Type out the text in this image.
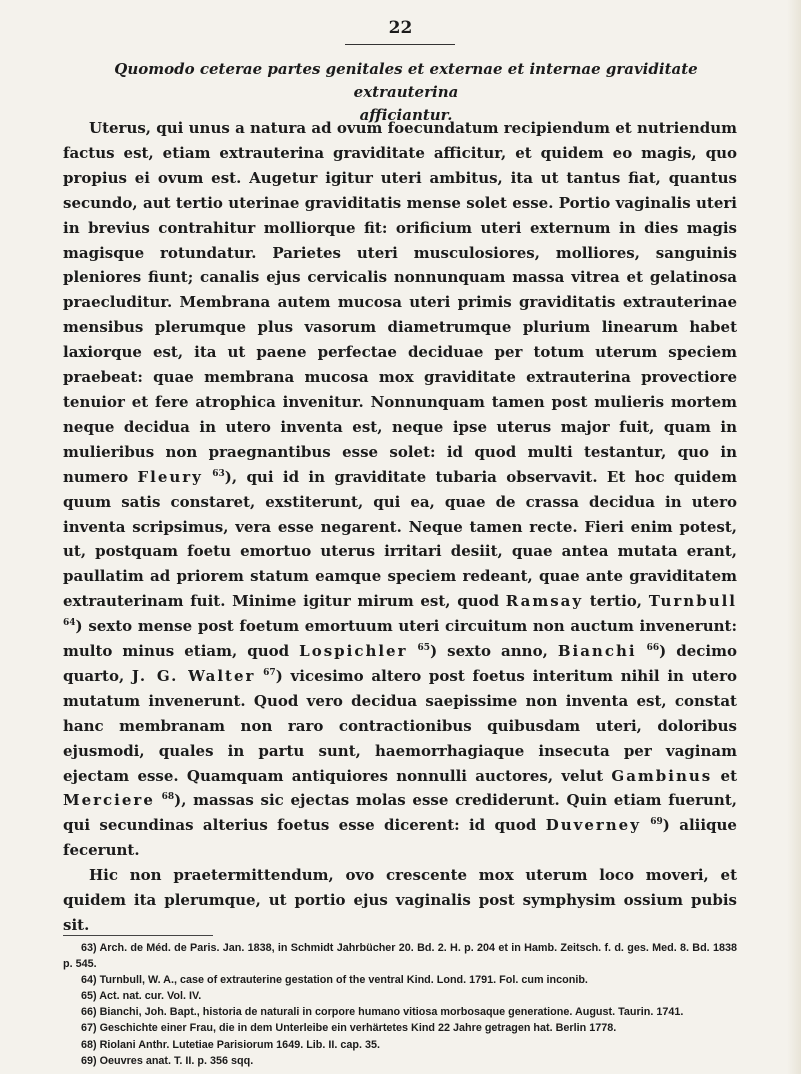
22
Quomodo ceterae partes genitales et externae et internae graviditate extrauterina
afficiantur.

Uterus, qui unus a natura ad ovum foecundatum recipiendum et nutriendum factus est, etiam extrauterina graviditate afficitur, et quidem eo magis, quo propius ei ovum est. Augetur igitur uteri ambitus, ita ut tantus fiat, quantus secundo, aut tertio uterinae graviditatis mense solet esse. Portio vaginalis uteri in brevius contrahitur molliorque fit: orificium uteri externum in dies magis magisque rotundatur. Parietes uteri musculosiores, molliores, sanguinis pleniores fiunt; canalis ejus cervicalis nonnunquam massa vitrea et gelatinosa praecluditur. Membrana autem mucosa uteri primis graviditatis extrauterinae mensibus plerumque plus vasorum diametrumque plurium linearum habet laxiorque est, ita ut paene perfectae deciduae per totum uterum speciem praebeat: quae membrana mucosa mox graviditate extrauterina provectiore tenuior et fere atrophica invenitur. Nonnunquam tamen post mulieris mortem neque decidua in utero inventa est, neque ipse uterus major fuit, quam in mulieribus non praegnantibus esse solet: id quod multi testantur, quo in numero Fleury $^{63}$), qui id in graviditate tubaria observavit. Et hoc quidem quum satis constaret, exstiterunt, qui ea, quae de crassa decidua in utero inventa scripsimus, vera esse negarent. Neque tamen recte. Fieri enim potest, ut, postquam foetu emortuo uterus irritari desiit, quae antea mutata erant, paullatim ad priorem statum eamque speciem redeant, quae ante graviditatem extrauterinam fuit. Minime igitur mirum est, quod Ramsay tertio, Turnbull $^{64}$) sexto mense post foetum emortuum uteri circuitum non auctum invenerunt: multo minus etiam, quod Lospichler $^{65}$) sexto anno, Bianchi $^{66}$) decimo quarto, J. G. Walter $^{67}$) vicesimo altero post foetus interitum nihil in utero mutatum invenerunt. Quod vero decidua saepissime non inventa est, constat hanc membranam non raro contractionibus quibusdam uteri, doloribus ejusmodi, quales in partu sunt, haemorrhagiaque insecuta per vaginam ejectam esse. Quamquam antiquiores nonnulli auctores, velut Gambinus et Merciere $^{68}$), massas sic ejectas molas esse crediderunt. Quin etiam fuerunt, qui secundinas alterius foetus esse dicerent: id quod Duverney $^{69}$) aliique fecerunt.

Hic non praetermittendum, ovo crescente mox uterum loco moveri, et quidem ita plerumque, ut portio ejus vaginalis post symphysim ossium pubis sit.

63) Arch. de Méd. de Paris. Jan. 1838, in Schmidt Jahrbücher 20. Bd. 2. H. p. 204 et in Hamb. Zeitsch. f. d. ges. Med. 8. Bd. 1838 p. 545.

64) Turnbull, W. A., case of extrauterine gestation of the ventral Kind. Lond. 1791. Fol. cum inconib.

65) Act. nat. cur. Vol. IV.

66) Bianchi, Joh. Bapt., historia de naturali in corpore humano vitiosa morbosaque generatione. August. Taurin. 1741.

67) Geschichte einer Frau, die in dem Unterleibe ein verhärtetes Kind 22 Jahre getragen hat. Berlin 1778.

68) Riolani Anthr. Lutetiae Parisiorum 1649. Lib. II. cap. 35.

69) Oeuvres anat. T. II. p. 356 sqq.
